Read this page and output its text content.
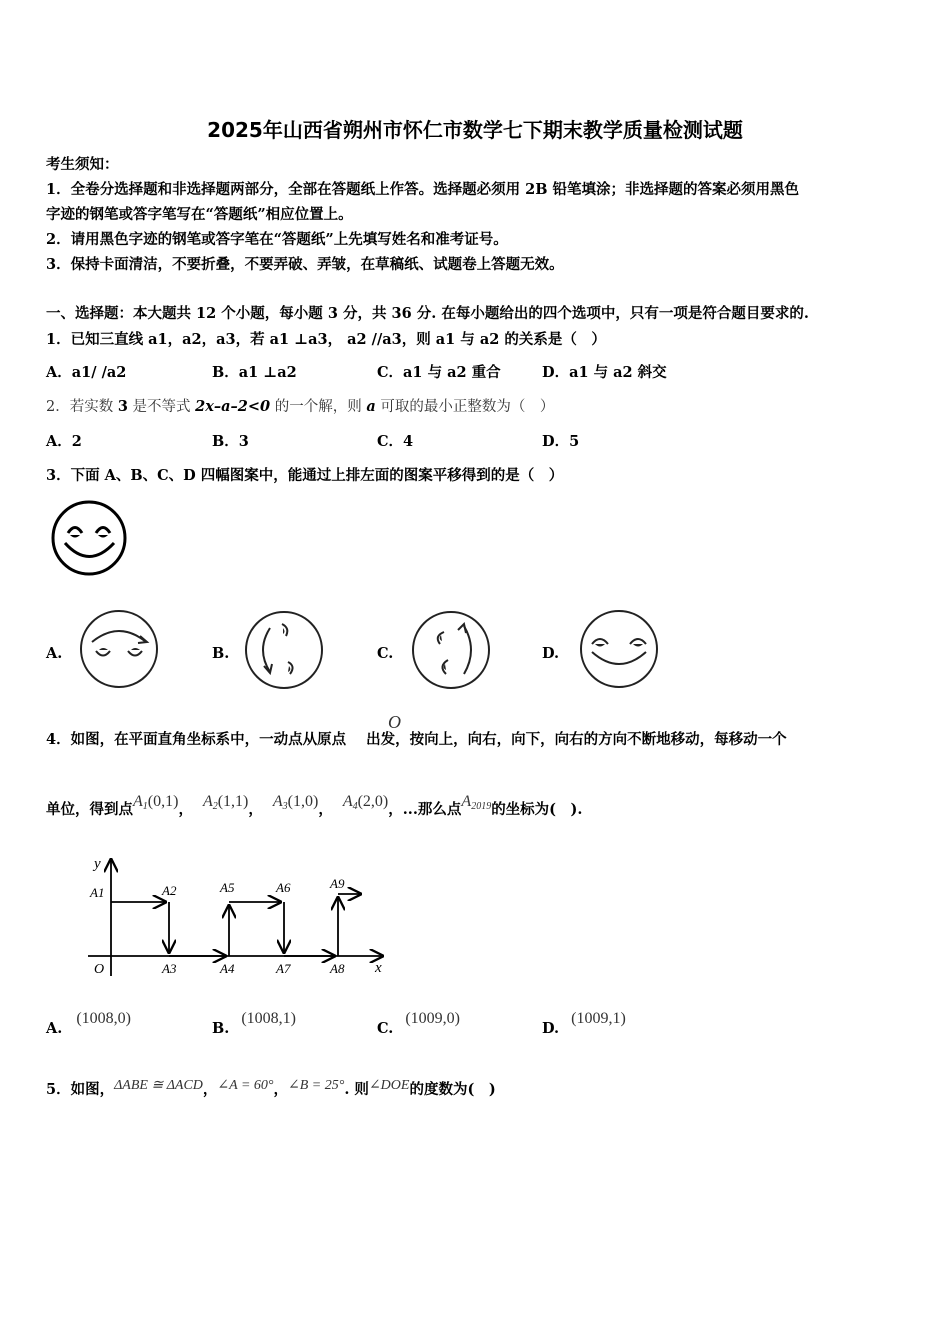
2025年山西省朔州市怀仁市数学七下期末教学质量检测试题
考生须知：
1．全卷分选择题和非选择题两部分，全部在答题纸上作答。选择题必须用 2B 铅笔填涂；非选择题的答案必须用黑色
字迹的钢笔或答字笔写在“答题纸”相应位置上。
2．请用黑色字迹的钢笔或答字笔在“答题纸”上先填写姓名和准考证号。
3．保持卡面清洁，不要折叠，不要弄破、弄皱，在草稿纸、试题卷上答题无效。
一、选择题：本大题共 12 个小题，每小题 3 分，共 36 分. 在每小题给出的四个选项中，只有一项是符合题目要求的.
1．已知三直线 a1，a2，a3，若 a1 ⊥a3， a2 //a3，则 a1 与 a2 的关系是（　）
A．a1/ /a2	B．a1 ⊥a2	C．a1 与 a2 重合	D．a1 与 a2 斜交
2．若实数 3 是不等式 2x–a–2<0 的一个解，则 a 可取的最小正整数为（　）
A．2	B．3	C．4	D．5
3．下面 A、B、C、D 四幅图案中，能通过上排左面的图案平移得到的是（　）
A.	B.	C.	D.
O
4．如图，在平面直角坐标系中，一动点从原点 出发，按向上，向右，向下，向右的方向不断地移动，每移动一个
单位，得到点$A_1(0,1)$， $A_2(1,1)$， $A_3(1,0)$， $A_4(2,0)$，...那么点$A_{2019}$的坐标为(　).
y
x
O
A1	A2
A3	A4
A5	A6
A7	A8
A9
A.(1008,0)
B.(1008,1)
C.(1009,0)
D.(1009,1)
5．如图，ΔABE ≅ ΔACD，∠A = 60°，∠B = 25°. 则∠DOE的度数为(　)
